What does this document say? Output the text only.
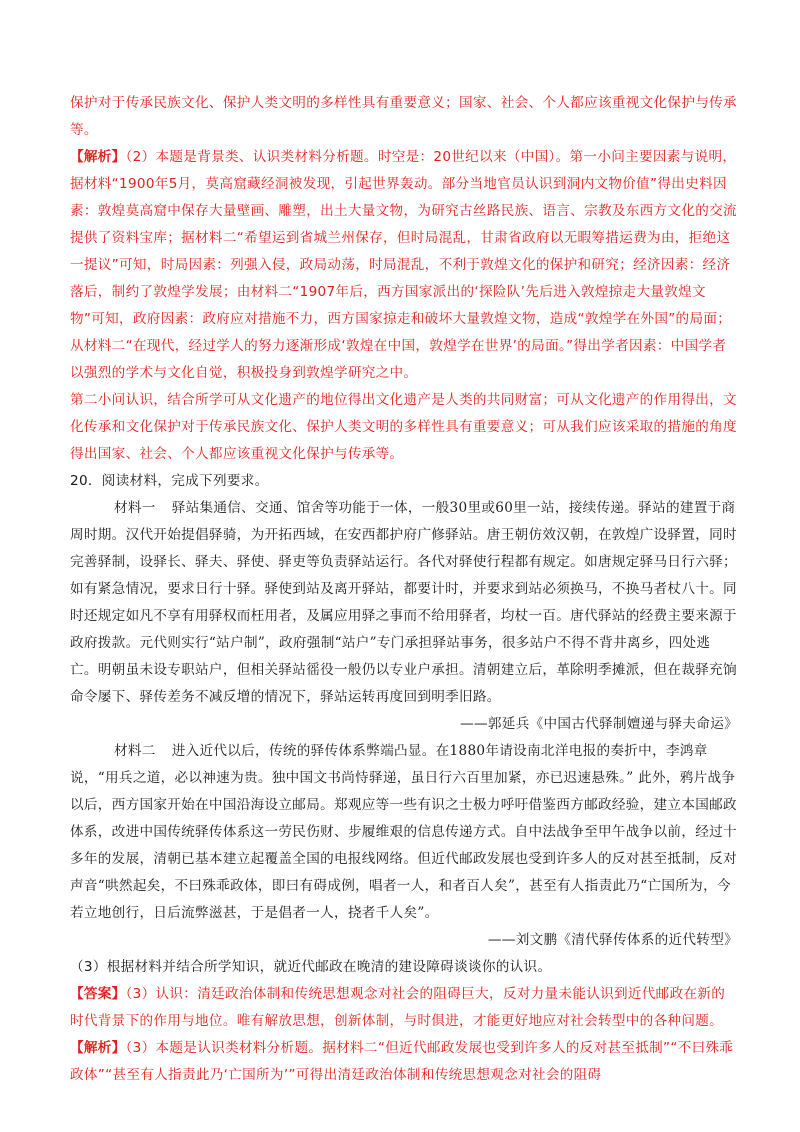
保护对于传承民族文化、保护人类文明的多样性具有重要意义；国家、社会、个人都应该重视文化保护与传承等。

【解析】（2）本题是背景类、认识类材料分析题。时空是：20世纪以来（中国）。第一小问主要因素与说明，据材料“1900年5月，莫高窟藏经洞被发现，引起世界轰动。部分当地官员认识到洞内文物价值”得出史料因素：敦煌莫高窟中保存大量壁画、雕塑，出土大量文物，为研究古丝路民族、语言、宗教及东西方文化的交流提供了资料宝库；据材料二“希望运到省城兰州保存，但时局混乱，甘肃省政府以无暇筹措运费为由，拒绝这一提议”可知，时局因素：列强入侵，政局动荡，时局混乱，不利于敦煌文化的保护和研究；经济因素：经济落后，制约了敦煌学发展；由材料二“1907年后，西方国家派出的‘探险队’先后进入敦煌掠走大量敦煌文物”可知，政府因素：政府应对措施不力，西方国家掠走和破坏大量敦煌文物，造成“敦煌学在外国”的局面；从材料二“在现代，经过学人的努力逐渐形成‘敦煌在中国，敦煌学在世界’的局面。”得出学者因素：中国学者以强烈的学术与文化自觉，积极投身到敦煌学研究之中。

第二小问认识，结合所学可从文化遗产的地位得出文化遗产是人类的共同财富；可从文化遗产的作用得出，文化传承和文化保护对于传承民族文化、保护人类文明的多样性具有重要意义；可从我们应该采取的措施的角度得出国家、社会、个人都应该重视文化保护与传承等。

20．阅读材料，完成下列要求。

材料一 驿站集通信、交通、馆舍等功能于一体，一般30里或60里一站，接续传递。驿站的建置于商周时期。汉代开始提倡驿骑，为开拓西域，在安西都护府广修驿站。唐王朝仿效汉朝，在敦煌广设驿置，同时完善驿制，设驿长、驿夫、驿使、驿吏等负责驿站运行。各代对驿使行程都有规定。如唐规定驿马日行六驿；如有紧急情况，要求日行十驿。驿使到站及离开驿站，都要计时，并要求到站必须换马，不换马者杖八十。同时还规定如凡不享有用驿权而枉用者，及属应用驿之事而不给用驿者，均杖一百。唐代驿站的经费主要来源于政府拨款。元代则实行“站户制”，政府强制“站户”专门承担驿站事务，很多站户不得不背井离乡，四处逃亡。明朝虽未设专职站户，但相关驿站徭役一般仍以专业户承担。清朝建立后，革除明季摊派，但在裁驿充饷命令屡下、驿传差务不减反增的情况下，驿站运转再度回到明季旧路。

——郭延兵《中国古代驿制嬗递与驿夫命运》

材料二 进入近代以后，传统的驿传体系弊端凸显。在1880年请设南北洋电报的奏折中，李鸿章说，“用兵之道，必以神速为贵。独中国文书尚恃驿递，虽日行六百里加紧，亦已迟速悬殊。” 此外，鸦片战争以后，西方国家开始在中国沿海设立邮局。郑观应等一些有识之士极力呼吁借鉴西方邮政经验，建立本国邮政体系，改进中国传统驿传体系这一劳民伤财、步履维艰的信息传递方式。自中法战争至甲午战争以前，经过十多年的发展，清朝已基本建立起覆盖全国的电报线网络。但近代邮政发展也受到许多人的反对甚至抵制，反对声音“哄然起矣，不曰殊乖政体，即曰有碍成例，唱者一人，和者百人矣”，甚至有人指责此乃“亡国所为，今若立地创行，日后流弊滋甚，于是倡者一人，挠者千人矣”。

——刘文鹏《清代驿传体系的近代转型》

（3）根据材料并结合所学知识，就近代邮政在晚清的建设障碍谈谈你的认识。

【答案】（3）认识：清廷政治体制和传统思想观念对社会的阻碍巨大，反对力量未能认识到近代邮政在新的时代背景下的作用与地位。唯有解放思想，创新体制，与时俱进，才能更好地应对社会转型中的各种问题。

【解析】（3）本题是认识类材料分析题。据材料二“但近代邮政发展也受到许多人的反对甚至抵制”“不曰殊乖政体”“甚至有人指责此乃‘亡国所为’”可得出清廷政治体制和传统思想观念对社会的阻碍
